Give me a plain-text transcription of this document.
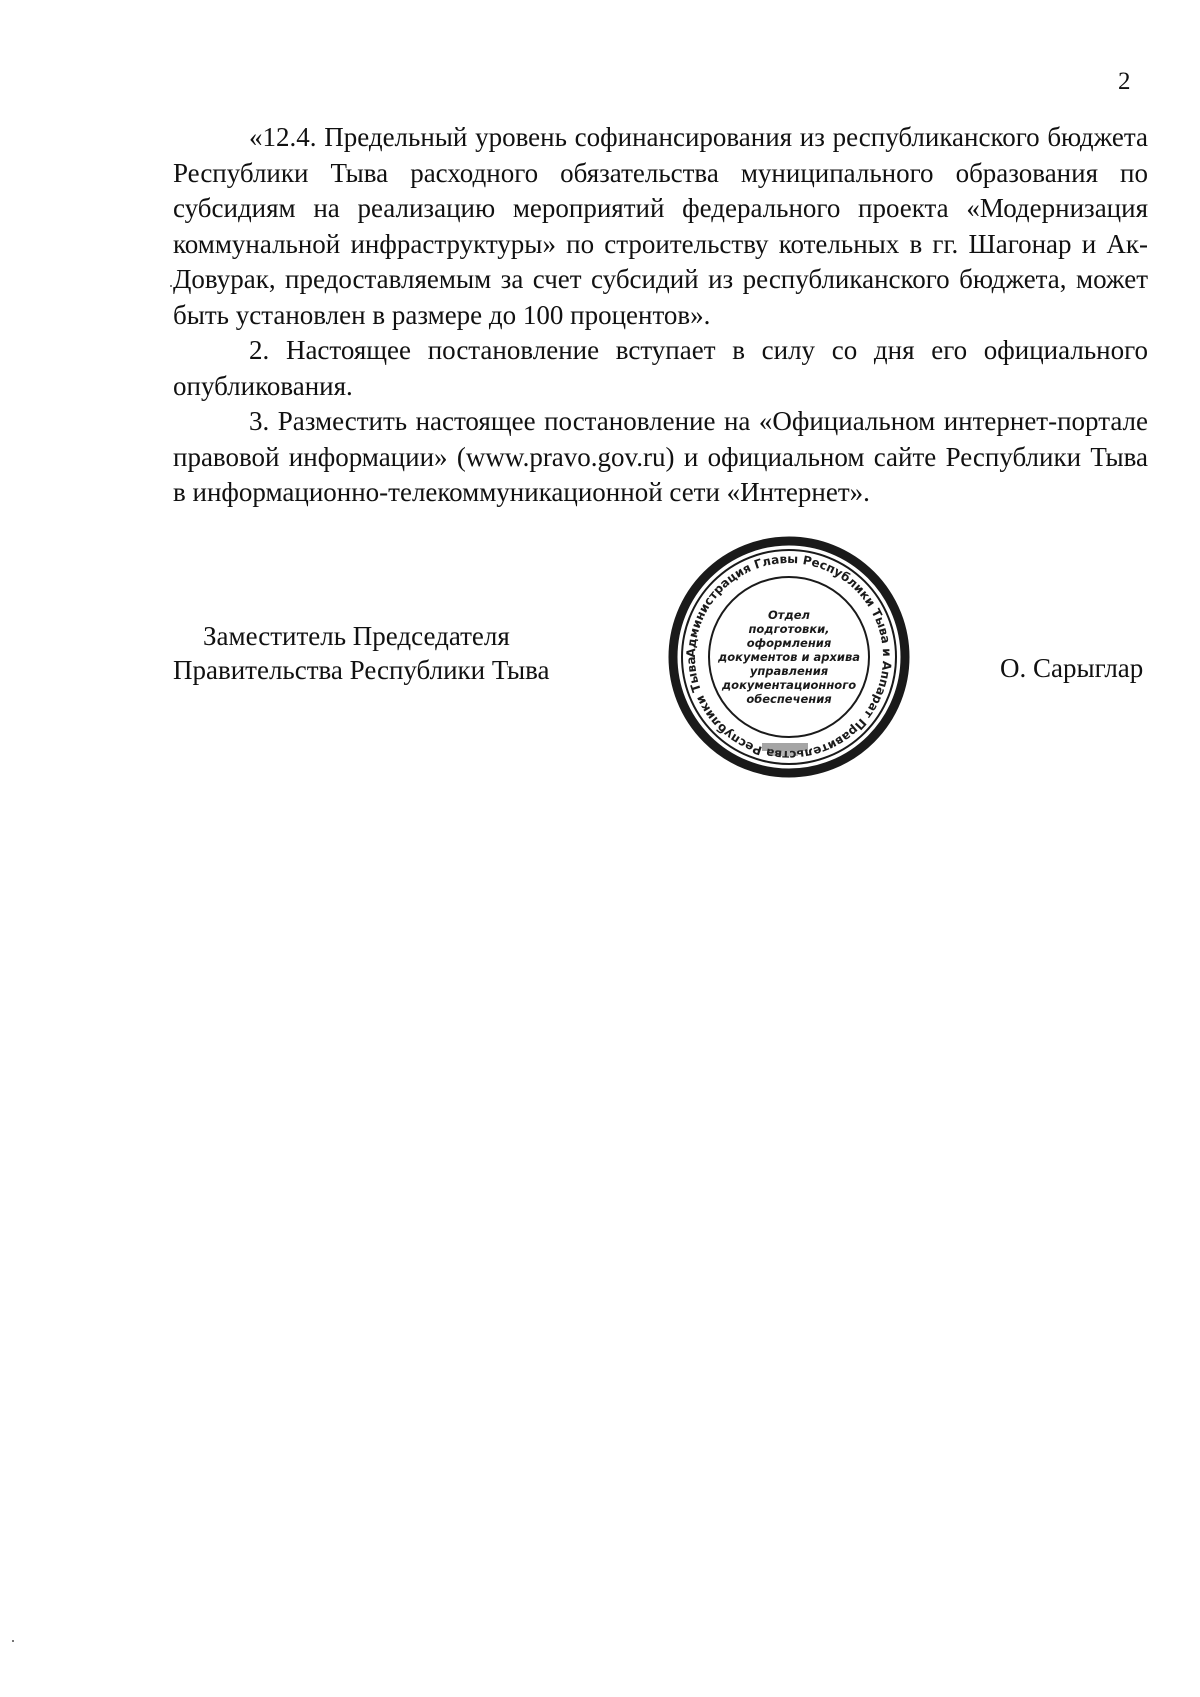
2

«12.4. Предельный уровень софинансирования из республиканского бюджета Республики Тыва расходного обязательства муниципального образования по субсидиям на реализацию мероприятий федерального проекта «Модернизация коммунальной инфраструктуры» по строительству котельных в гг. Шагонар и Ак-Довурак, предоставляемым за счет субсидий из республиканского бюджета, может быть установлен в размере до 100 процентов».

2. Настоящее постановление вступает в силу со дня его официального опубликования.

3. Разместить настоящее постановление на «Официальном интернет-портале правовой информации» (www.pravo.gov.ru) и официальном сайте Республики Тыва в информационно-телекоммуникационной сети «Интернет».

Заместитель Председателя
Правительства Республики Тыва	О. Сарыглар
Администрация Главы Республики Тыва и Аппарат Правительства Республики Тыва
Отдел
подготовки,
оформления
документов и архива
управления
документационного
обеспечения
